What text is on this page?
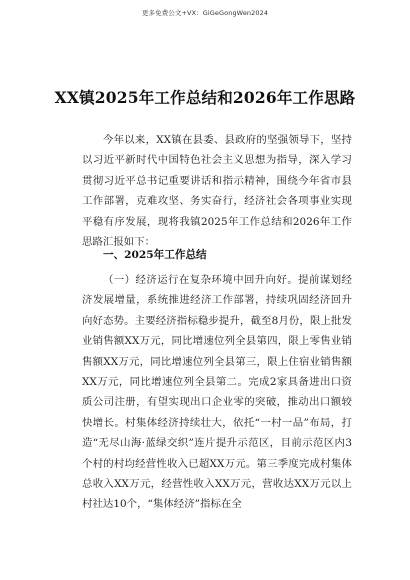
更多免费公文+VX：GiGeGongWen2024
XX镇2025年工作总结和2026年工作思路
今年以来，XX镇在县委、县政府的坚强领导下，坚持以习近平新时代中国特色社会主义思想为指导，深入学习贯彻习近平总书记重要讲话和指示精神，围绕今年省市县工作部署，克难攻坚、务实奋行，经济社会各项事业实现平稳有序发展，现将我镇2025年工作总结和2026年工作思路汇报如下：
一、2025年工作总结
（一）经济运行在复杂环境中回升向好。提前谋划经济发展增量，系统推进经济工作部署，持续巩固经济回升向好态势。主要经济指标稳步提升，截至8月份，限上批发业销售额XX万元，同比增速位列全县第四，限上零售业销售额XX万元，同比增速位列全县第三，限上住宿业销售额XX万元，同比增速位列全县第二。完成2家具备进出口资质公司注册，有望实现出口企业零的突破，推动出口额较快增长。村集体经济持续壮大，依托“一村一品”布局，打造“无尽山海·蓝绿交织”连片提升示范区，目前示范区内3个村的村均经营性收入已超XX万元。第三季度完成村集体总收入XX万元，经营性收入XX万元，营收达XX万元以上村社达10个，“集体经济”指标在全
